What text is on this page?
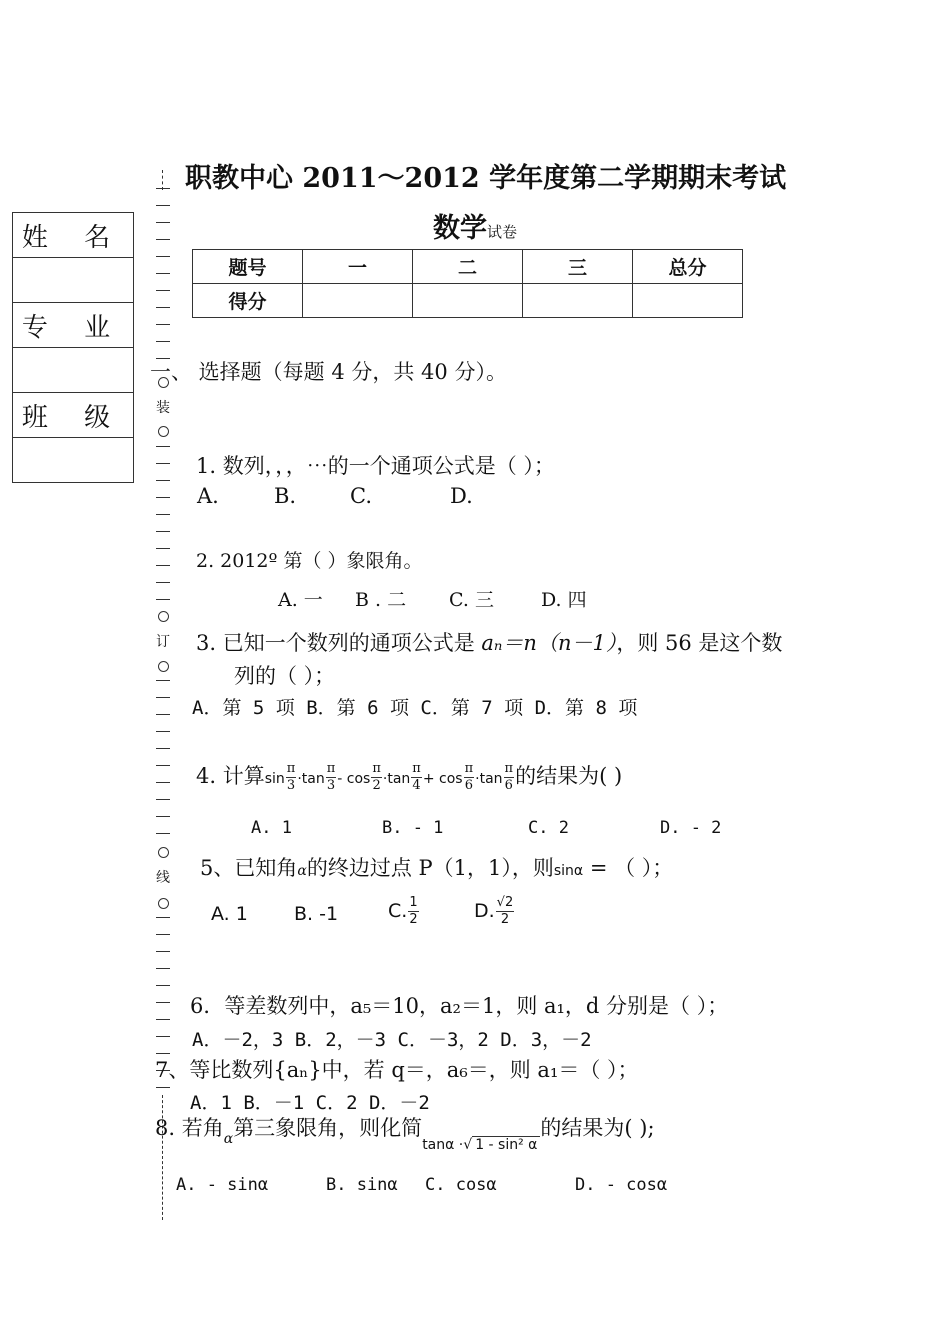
职教中心 2011～2012 学年度第二学期期末考试
数学试卷
题号	一	二	三	总分
得分				
姓 名

专 业

班 级	装
订
线
一、 选择题（每题 4 分，共 40 分）。
1. 数列，，，⋯的一个通项公式是（ ）；
A.	B.	C.	D.
2. 2012º 第（ ）象限角。
A. 一 B . 二 C. 三 D. 四
3. 已知一个数列的通项公式是 aₙ＝n（n－1），则 56 是这个数
列的（ ）；
A．第 5 项 B．第 6 项 C．第 7 项 D．第 8 项
4. 计算$\sin \frac{\pi}{3} \cdot\tan \frac{\pi}{3} - \cos \frac{\pi}{2} \cdot\tan \frac{\pi}{4} + \cos \frac{\pi}{6} \cdot\tan \frac{\pi}{6}$ 的结果为( )
A. 1	B. - 1	C. 2	D. - 2
5、已知角α的终边过点 P（1，1），则sinα = （ ）；
A. 1 B. -1	C. $\frac{1}{2}$	D. $\frac{√2}{2}$
6．等差数列中，a₅＝10，a₂＝1，则 a₁，d 分别是（ ）；
A．－2，3 B．2，－3 C．－3，2 D．3，－2
7、等比数列{aₙ}中，若 q＝，a₆＝，则 a₁＝（ ）；
A．1 B．－1 C．2 D．－2
8. 若角$_\alpha$第三象限角，则化简$_{tan\alpha \cdot√ 1 - sin^2 \alpha}$的结果为( );
A. - sinα	B. sinα C. cosα	D. - cosα
